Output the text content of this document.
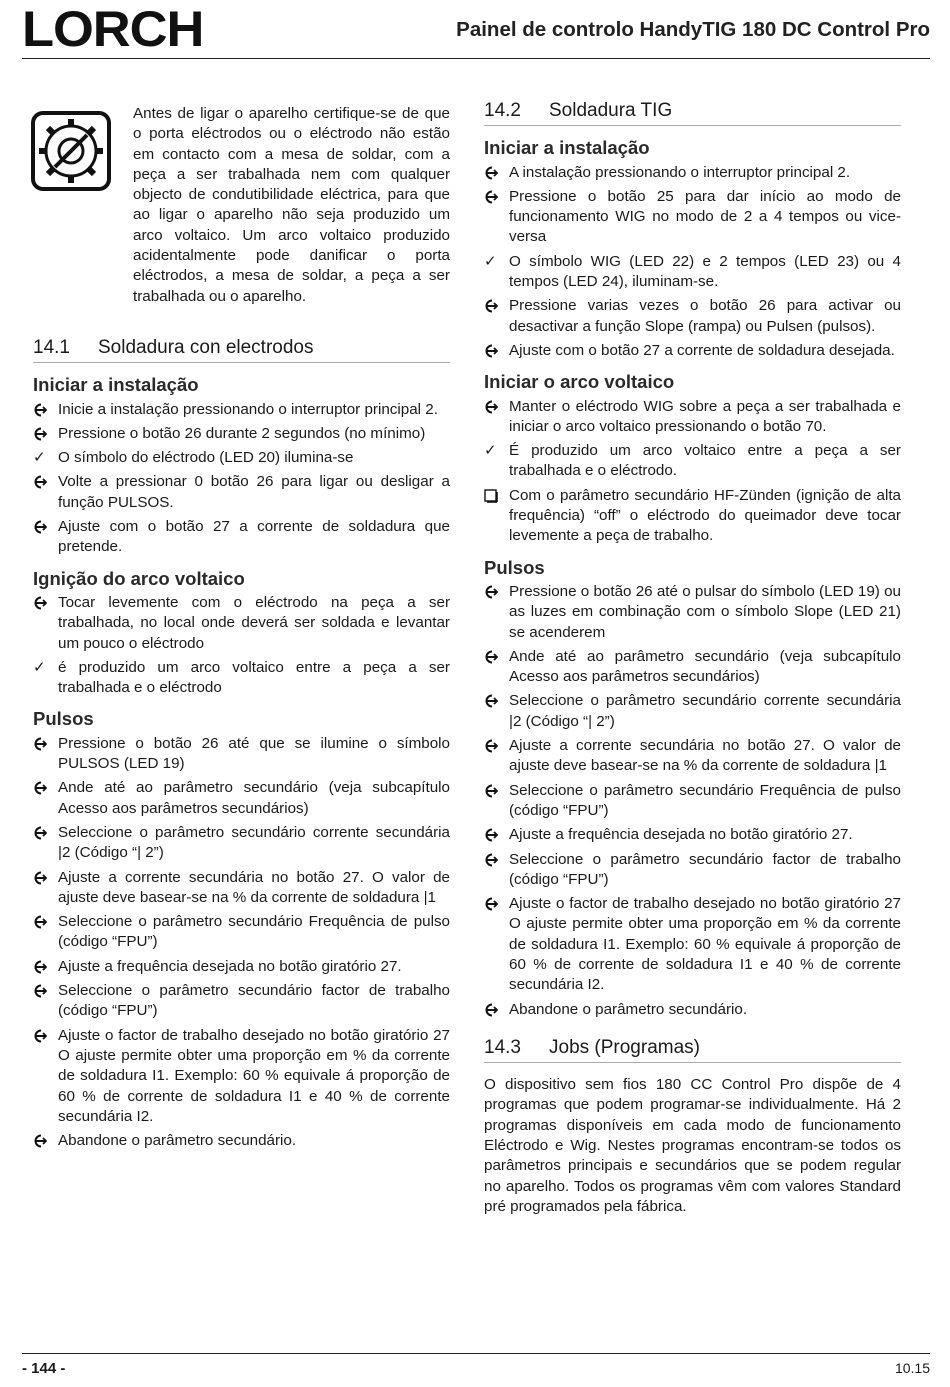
LORCH	Painel de controlo HandyTIG 180 DC Control Pro
Antes de ligar o aparelho certifique-se de que o porta eléctrodos ou o eléctrodo não estão em contacto com a mesa de soldar, com a peça a ser trabalhada nem com qualquer objecto de condutibilidade eléctrica, para que ao ligar o aparelho não seja produzido um arco voltaico. Um arco voltaico produzido acidentalmente pode danificar o porta eléctrodos, a mesa de soldar, a peça a ser trabalhada ou o aparelho.
14.1	Soldadura con electrodos
Iniciar a instalação
Inicie a instalação pressionando o interruptor principal 2.
Pressione o botão 26 durante 2 segundos (no mínimo)
✓ O símbolo do eléctrodo (LED 20) ilumina-se
Volte a pressionar 0 botão 26 para ligar ou desligar a função PULSOS.
Ajuste com o botão 27 a corrente de soldadura que pretende.
Ignição do arco voltaico
Tocar levemente com o eléctrodo na peça a ser trabalhada, no local onde deverá ser soldada e levantar um pouco o eléctrodo
✓ é produzido um arco voltaico entre a peça a ser trabalhada e o eléctrodo
Pulsos
Pressione o botão 26 até que se ilumine o símbolo PULSOS (LED 19)
Ande até ao parâmetro secundário (veja subcapítulo Acesso aos parâmetros secundários)
Seleccione o parâmetro secundário corrente secundária |2 (Código “| 2”)
Ajuste a corrente secundária no botão 27. O valor de ajuste deve basear-se na % da corrente de soldadura |1
Seleccione o parâmetro secundário Frequência de pulso (código “FPU”)
Ajuste a frequência desejada no botão giratório 27.
Seleccione o parâmetro secundário factor de trabalho (código “FPU”)
Ajuste o factor de trabalho desejado no botão giratório 27 O ajuste permite obter uma proporção em % da corrente de soldadura I1. Exemplo: 60 % equivale á proporção de 60 % de corrente de soldadura I1 e 40 % de corrente secundária I2.
Abandone o parâmetro secundário.
14.2	Soldadura TIG
Iniciar a instalação
A instalação pressionando o interruptor principal 2.
Pressione o botão 25 para dar início ao modo de funcionamento WIG no modo de 2 a 4 tempos ou vice-versa
✓ O símbolo WIG (LED 22) e 2 tempos (LED 23) ou 4 tempos (LED 24), iluminam-se.
Pressione varias vezes o botão 26 para activar ou desactivar a função Slope (rampa) ou Pulsen (pulsos).
Ajuste com o botão 27 a corrente de soldadura desejada.
Iniciar o arco voltaico
Manter o eléctrodo WIG sobre a peça a ser trabalhada e iniciar o arco voltaico pressionando o botão 70.
✓ É produzido um arco voltaico entre a peça a ser trabalhada e o eléctrodo.
Com o parâmetro secundário HF-Zünden (ignição de alta frequência) “off” o eléctrodo do queimador deve tocar levemente a peça de trabalho.
Pulsos
Pressione o botão 26 até o pulsar do símbolo (LED 19) ou as luzes em combinação com o símbolo Slope (LED 21) se acenderem
Ande até ao parâmetro secundário (veja subcapítulo Acesso aos parâmetros secundários)
Seleccione o parâmetro secundário corrente secundária |2 (Código “| 2”)
Ajuste a corrente secundária no botão 27. O valor de ajuste deve basear-se na % da corrente de soldadura |1
Seleccione o parâmetro secundário Frequência de pulso (código “FPU”)
Ajuste a frequência desejada no botão giratório 27.
Seleccione o parâmetro secundário factor de trabalho (código “FPU”)
Ajuste o factor de trabalho desejado no botão giratório 27 O ajuste permite obter uma proporção em % da corrente de soldadura I1. Exemplo: 60 % equivale á proporção de 60 % de corrente de soldadura I1 e 40 % de corrente secundária I2.
Abandone o parâmetro secundário.
14.3	Jobs (Programas)
O dispositivo sem fios 180 CC Control Pro dispõe de 4 programas que podem programar-se individualmente. Há 2 programas disponíveis em cada modo de funcionamento Eléctrodo e Wig. Nestes programas encontram-se todos os parâmetros principais e secundários que se podem regular no aparelho. Todos os programas vêm com valores Standard pré programados pela fábrica.
- 144 -	10.15
